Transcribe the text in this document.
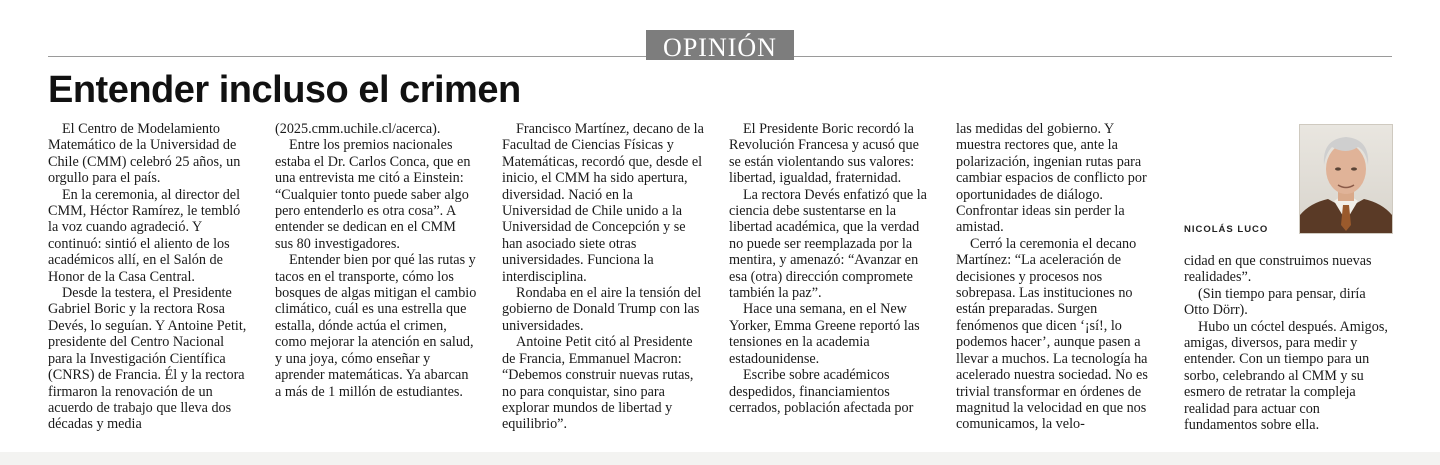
OPINIÓN
Entender incluso el crimen

El Centro de Modelamiento Matemático de la Universidad de Chile (CMM) celebró 25 años, un orgullo para el país.

En la ceremonia, al director del CMM, Héctor Ramírez, le tembló la voz cuando agradeció. Y continuó: sintió el aliento de los académicos allí, en el Salón de Honor de la Casa Central.

Desde la testera, el Presidente Gabriel Boric y la rectora Rosa Devés, lo seguían. Y Antoine Petit, presidente del Centro Nacional para la Investigación Científica (CNRS) de Francia. Él y la rectora firmaron la renovación de un acuerdo de trabajo que lleva dos décadas y media

(2025.cmm.uchile.cl/acerca).

Entre los premios nacionales estaba el Dr. Carlos Conca, que en una entrevista me citó a Einstein: “Cualquier tonto puede saber algo pero entenderlo es otra cosa”. A entender se dedican en el CMM sus 80 investigadores.

Entender bien por qué las rutas y tacos en el transporte, cómo los bosques de algas mitigan el cambio climático, cuál es una estrella que estalla, dónde actúa el crimen, como mejorar la atención en salud, y una joya, cómo enseñar y aprender matemáticas. Ya abarcan a más de 1 millón de estudiantes.

Francisco Martínez, decano de la Facultad de Ciencias Físicas y Matemáticas, recordó que, desde el inicio, el CMM ha sido apertura, diversidad. Nació en la Universidad de Chile unido a la Universidad de Concepción y se han asociado siete otras universidades. Funciona la interdisciplina.

Rondaba en el aire la tensión del gobierno de Donald Trump con las universidades.

Antoine Petit citó al Presidente de Francia, Emmanuel Macron: “Debemos construir nuevas rutas, no para conquistar, sino para explorar mundos de libertad y equilibrio”.

El Presidente Boric recordó la Revolución Francesa y acusó que se están violentando sus valores: libertad, igualdad, fraternidad.

La rectora Devés enfatizó que la ciencia debe sustentarse en la libertad académica, que la verdad no puede ser reemplazada por la mentira, y amenazó: “Avanzar en esa (otra) dirección compromete también la paz”.

Hace una semana, en el New Yorker, Emma Greene reportó las tensiones en la academia estadounidense.

Escribe sobre académicos despedidos, financiamientos cerrados, población afectada por

las medidas del gobierno. Y muestra rectores que, ante la polarización, ingenian rutas para cambiar espacios de conflicto por oportunidades de diálogo. Confrontar ideas sin perder la amistad.

Cerró la ceremonia el decano Martínez: “La aceleración de decisiones y procesos nos sobrepasa. Las instituciones no están preparadas. Surgen fenómenos que dicen ‘¡sí!, lo podemos hacer’, aunque pasen a llevar a muchos. La tecnología ha acelerado nuestra sociedad. No es trivial transformar en órdenes de magnitud la velocidad en que nos comunicamos, la velo-

NICOLÁS LUCO

cidad en que construimos nuevas realidades”.

(Sin tiempo para pensar, diría Otto Dörr).

Hubo un cóctel después. Amigos, amigas, diversos, para medir y entender. Con un tiempo para un sorbo, celebrando al CMM y su esmero de retratar la compleja realidad para actuar con fundamentos sobre ella.
